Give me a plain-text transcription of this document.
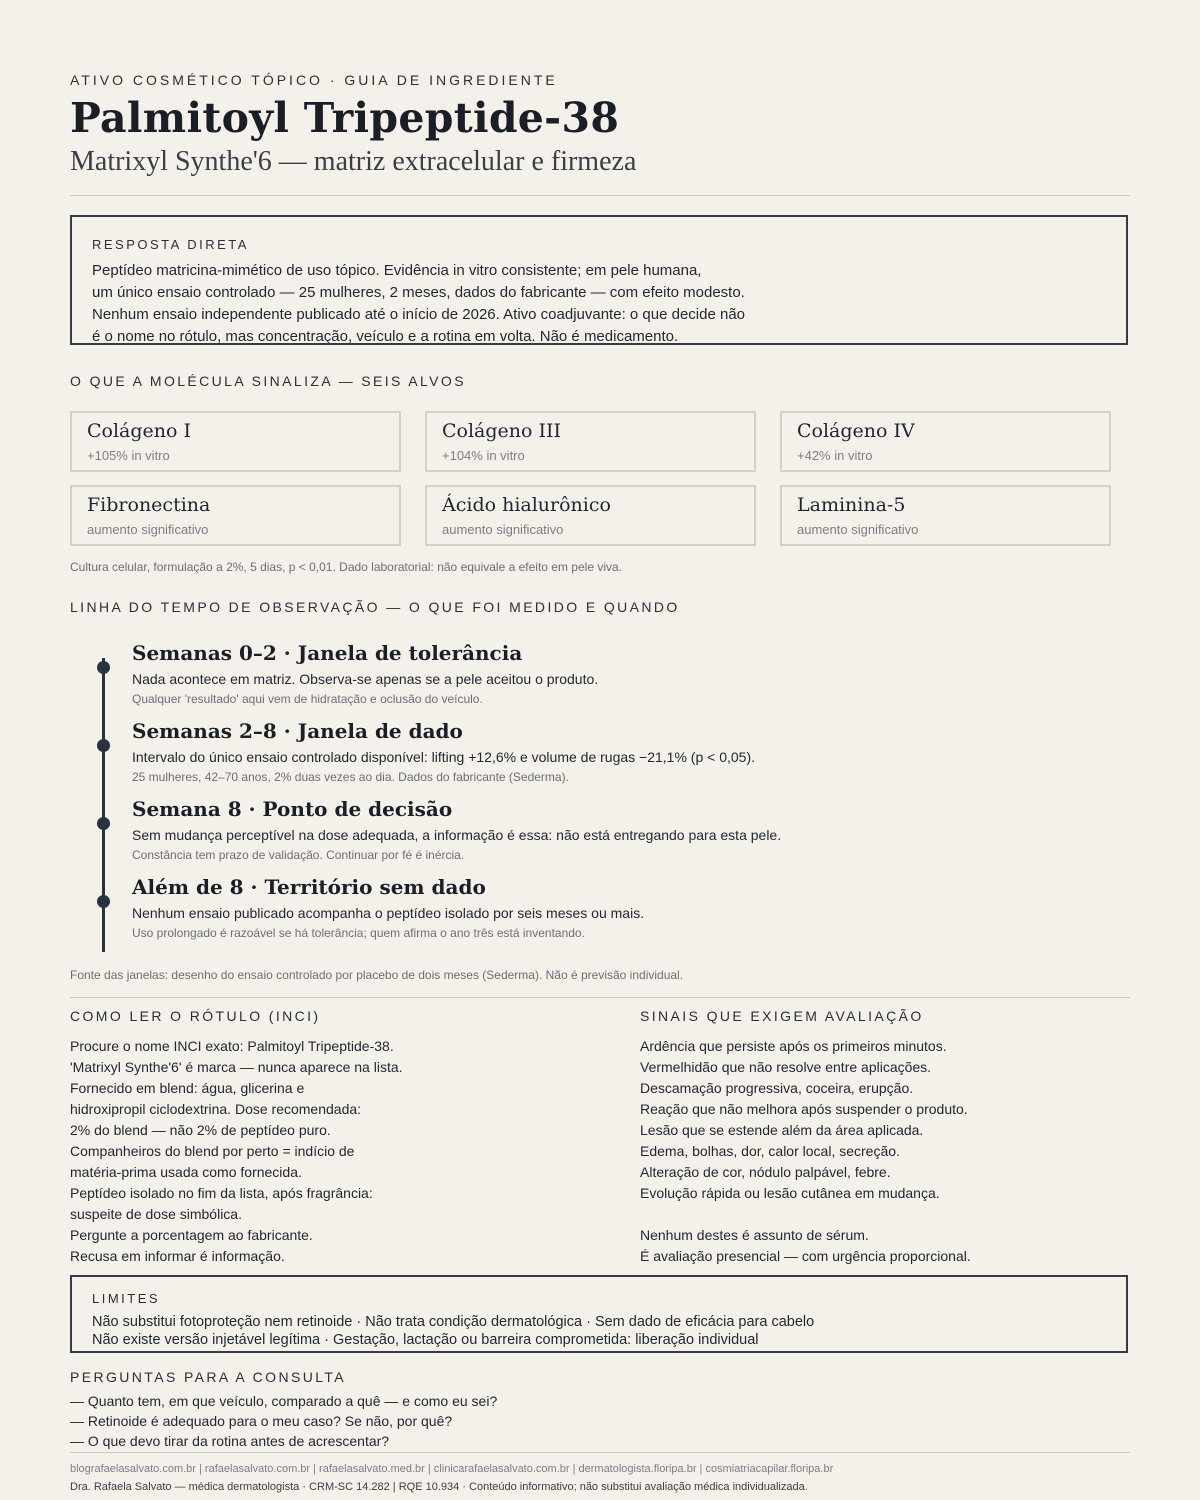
ATIVO COSMÉTICO TÓPICO · GUIA DE INGREDIENTE
Palmitoyl Tripeptide-38
Matrixyl Synthe'6 — matriz extracelular e firmeza
RESPOSTA DIRETA

Peptídeo matricina-mimético de uso tópico. Evidência in vitro consistente; em pele humana,

um único ensaio controlado — 25 mulheres, 2 meses, dados do fabricante — com efeito modesto.

Nenhum ensaio independente publicado até o início de 2026. Ativo coadjuvante: o que decide não

é o nome no rótulo, mas concentração, veículo e a rotina em volta. Não é medicamento.

O QUE A MOLÉCULA SINALIZA — SEIS ALVOS
Colágeno I
+105% in vitro
Colágeno III
+104% in vitro
Colágeno IV
+42% in vitro
Fibronectina
aumento significativo
Ácido hialurônico
aumento significativo
Laminina-5
aumento significativo
Cultura celular, formulação a 2%, 5 dias, p < 0,01. Dado laboratorial: não equivale a efeito em pele viva.
LINHA DO TEMPO DE OBSERVAÇÃO — O QUE FOI MEDIDO E QUANDO
Semanas 0–2 · Janela de tolerância
Nada acontece em matriz. Observa-se apenas se a pele aceitou o produto.
Qualquer 'resultado' aqui vem de hidratação e oclusão do veículo.
Semanas 2–8 · Janela de dado
Intervalo do único ensaio controlado disponível: lifting +12,6% e volume de rugas −21,1% (p < 0,05).
25 mulheres, 42–70 anos, 2% duas vezes ao dia. Dados do fabricante (Sederma).
Semana 8 · Ponto de decisão
Sem mudança perceptível na dose adequada, a informação é essa: não está entregando para esta pele.
Constância tem prazo de validação. Continuar por fé é inércia.
Além de 8 · Território sem dado
Nenhum ensaio publicado acompanha o peptídeo isolado por seis meses ou mais.
Uso prolongado é razoável se há tolerância; quem afirma o ano três está inventando.
Fonte das janelas: desenho do ensaio controlado por placebo de dois meses (Sederma). Não é previsão individual.
COMO LER O RÓTULO (INCI)
Procure o nome INCI exato: Palmitoyl Tripeptide-38.
'Matrixyl Synthe'6' é marca — nunca aparece na lista.
Fornecido em blend: água, glicerina e
hidroxipropil ciclodextrina. Dose recomendada:
2% do blend — não 2% de peptídeo puro.
Companheiros do blend por perto = indício de
matéria-prima usada como fornecida.
Peptídeo isolado no fim da lista, após fragrância:
suspeite de dose simbólica.
Pergunte a porcentagem ao fabricante.
Recusa em informar é informação.
SINAIS QUE EXIGEM AVALIAÇÃO
Ardência que persiste após os primeiros minutos.
Vermelhidão que não resolve entre aplicações.
Descamação progressiva, coceira, erupção.
Reação que não melhora após suspender o produto.
Lesão que se estende além da área aplicada.
Edema, bolhas, dor, calor local, secreção.
Alteração de cor, nódulo palpável, febre.
Evolução rápida ou lesão cutânea em mudança.
Nenhum destes é assunto de sérum.
É avaliação presencial — com urgência proporcional.
LIMITES
Não substitui fotoproteção nem retinoide · Não trata condição dermatológica · Sem dado de eficácia para cabelo
Não existe versão injetável legítima · Gestação, lactação ou barreira comprometida: liberação individual
PERGUNTAS PARA A CONSULTA
— Quanto tem, em que veículo, comparado a quê — e como eu sei?
— Retinoide é adequado para o meu caso? Se não, por quê?
— O que devo tirar da rotina antes de acrescentar?
blografaelasalvato.com.br | rafaelasalvato.com.br | rafaelasalvato.med.br | clinicarafaelasalvato.com.br | dermatologista.floripa.br | cosmiatriacapilar.floripa.br
Dra. Rafaela Salvato — médica dermatologista · CRM-SC 14.282 | RQE 10.934 · Conteúdo informativo; não substitui avaliação médica individualizada.
